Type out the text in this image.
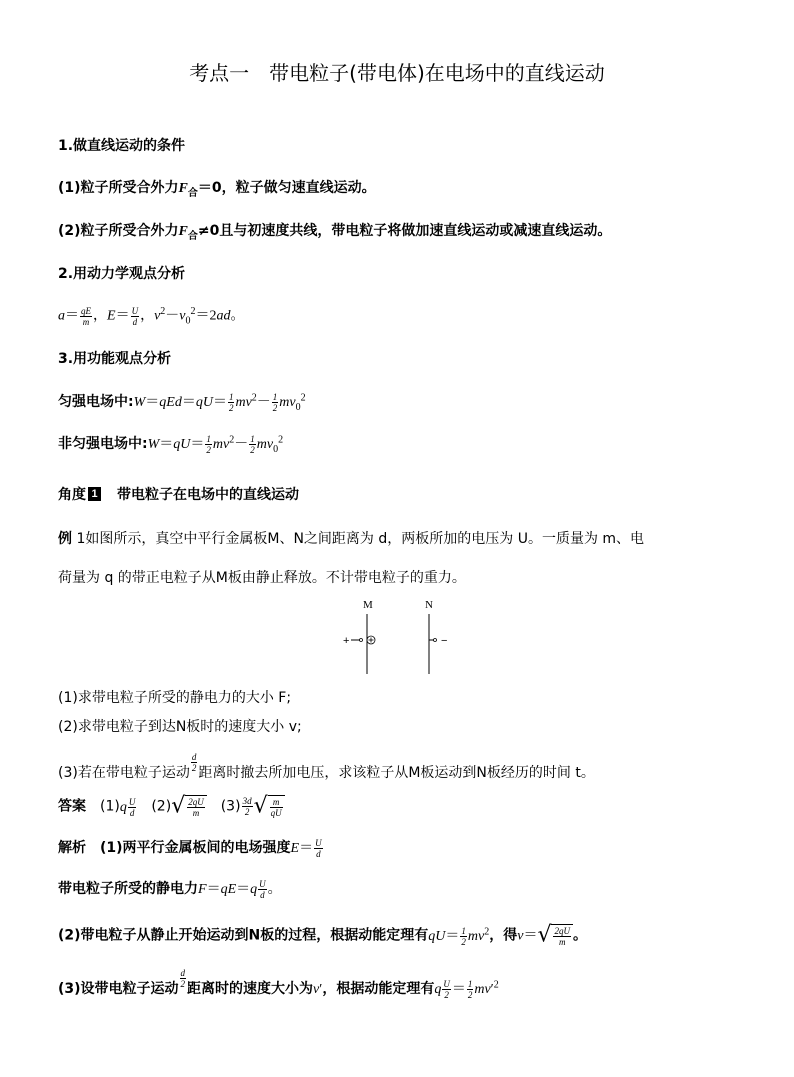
考点一　带电粒子(带电体)在电场中的直线运动
1.做直线运动的条件
(1)粒子所受合外力$F_合=0$，粒子做匀速直线运动。
(2)粒子所受合外力$F_合\ne 0$且与初速度共线，带电粒子将做加速直线运动或减速直线运动。
2.用动力学观点分析
$a= \frac{qE}{m}$ ，$E= \frac{U}{d}$ ，$v^2-v_0^2=2ad$。
3.用功能观点分析
匀强电场中:W＝qEd＝qU＝ $\frac{1}{2} mv^2- \frac{1}{2} mv_0^2$
非匀强电场中:W＝qU＝ $\frac{1}{2} mv^2- \frac{1}{2} mv_0^2$
角度 1　 带电粒子在电场中的直线运动
例 1如图所示，真空中平行金属板M、N之间距离为 d，两板所加的电压为 U。一质量为 m、电
荷量为 q 的带正电粒子从M板由静止释放。不计带电粒子的重力。
M	N
+	−
(1)求带电粒子所受的静电力的大小 F;
(2)求带电粒子到达N板时的速度大小 v;
(3)若在带电粒子运动 $\frac{d}{2}$ 距离时撤去所加电压，求该粒子从M板运动到N板经历的时间 t。
答案　 $(1)q \frac{U}{d}$
　 $(2)√ \frac{2qU}{m}$
　 $(3) \frac{3d}{2}$ √ $\frac{m}{qU}$
解析　 (1)两平行金属板间的电场强度$E= \frac{U}{d}$
带电粒子所受的静电力$F=qE=q \frac{U}{d}$ 。
(2)带电粒子从静止开始运动到N板的过程，根据动能定理有$qU= \frac{1}{2} mv^2$，得$v=√ \frac{2qU}{m}$ 。
(3)设带电粒子运动 $\frac{d}{2}$ 距离时的速度大小为v′，根据动能定理有q $\frac{U}{2} = \frac{1}{2} mv'^2$
